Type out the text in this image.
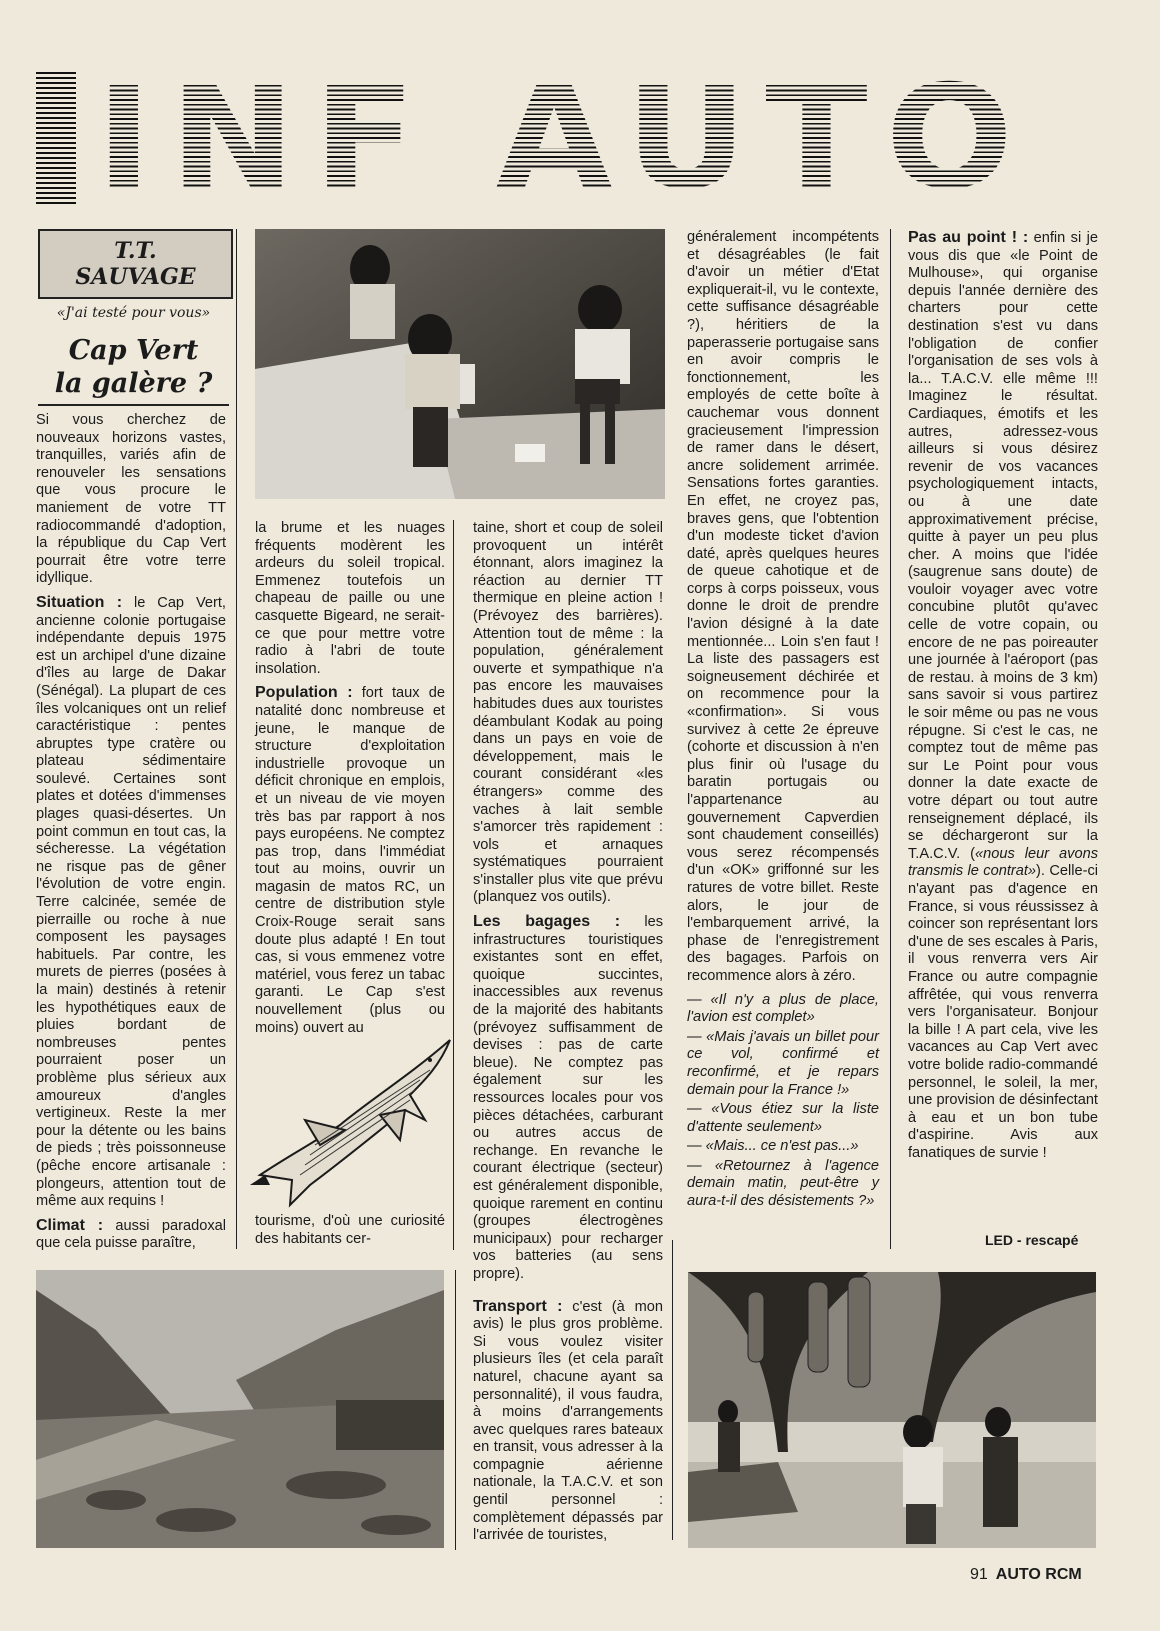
INF AUTO
T.T.
SAUVAGE
«J'ai testé pour vous»
Cap Vert
la galère ?

Si vous cherchez de nouveaux horizons vastes, tranquilles, variés afin de renouveler les sensations que vous procure le maniement de votre TT radiocommandé d'adoption, la république du Cap Vert pourrait être votre terre idyllique.

Situation : le Cap Vert, ancienne colonie portugaise indépendante depuis 1975 est un archipel d'une dizaine d'îles au large de Dakar (Sénégal). La plupart de ces îles volcaniques ont un relief caractéristique : pentes abruptes type cratère ou plateau sédimentaire soulevé. Certaines sont plates et dotées d'immenses plages quasi-désertes. Un point commun en tout cas, la sécheresse. La végétation ne risque pas de gêner l'évolution de votre engin. Terre calcinée, semée de pierraille ou roche à nue composent les paysages habituels. Par contre, les murets de pierres (posées à la main) destinés à retenir les hypothétiques eaux de pluies bordant de nombreuses pentes pourraient poser un problème plus sérieux aux amoureux d'angles vertigineux. Reste la mer pour la détente ou les bains de pieds ; très poissonneuse (pêche encore artisanale : plongeurs, attention tout de même aux requins !

Climat : aussi paradoxal que cela puisse paraître,

la brume et les nuages fréquents modèrent les ardeurs du soleil tropical. Emmenez toutefois un chapeau de paille ou une casquette Bigeard, ne serait-ce que pour mettre votre radio à l'abri de toute insolation.

Population : fort taux de natalité donc nombreuse et jeune, le manque de structure d'exploitation industrielle provoque un déficit chronique en emplois, et un niveau de vie moyen très bas par rapport à nos pays européens. Ne comptez pas trop, dans l'immédiat tout au moins, ouvrir un magasin de matos RC, un centre de distribution style Croix-Rouge serait sans doute plus adapté ! En tout cas, si vous emmenez votre matériel, vous ferez un tabac garanti. Le Cap s'est nouvellement (plus ou moins) ouvert au

tourisme, d'où une curiosité des habitants cer-

taine, short et coup de soleil provoquent un intérêt étonnant, alors imaginez la réaction au dernier TT thermique en pleine action ! (Prévoyez des barrières). Attention tout de même : la population, généralement ouverte et sympathique n'a pas encore les mauvaises habitudes dues aux touristes déambulant Kodak au poing dans un pays en voie de développement, mais le courant considérant «les étrangers» comme des vaches à lait semble s'amorcer très rapidement : vols et arnaques systématiques pourraient s'installer plus vite que prévu (planquez vos outils).

Les bagages : les infrastructures touristiques existantes sont en effet, quoique succintes, inaccessibles aux revenus de la majorité des habitants (prévoyez suffisamment de devises : pas de carte bleue). Ne comptez pas également sur les ressources locales pour vos pièces détachées, carburant ou autres accus de rechange. En revanche le courant électrique (secteur) est généralement disponible, quoique rarement en continu (groupes électrogènes municipaux) pour recharger vos batteries (au sens propre).

Transport : c'est (à mon avis) le plus gros problème. Si vous voulez visiter plusieurs îles (et cela paraît naturel, chacune ayant sa personnalité), il vous faudra, à moins d'arrangements avec quelques rares bateaux en transit, vous adresser à la compagnie aérienne nationale, la T.A.C.V. et son gentil personnel : complètement dépassés par l'arrivée de touristes,

généralement incompétents et désagréables (le fait d'avoir un métier d'Etat expliquerait-il, vu le contexte, cette suffisance désagréable ?), héritiers de la paperasserie portugaise sans en avoir compris le fonctionnement, les employés de cette boîte à cauchemar vous donnent gracieusement l'impression de ramer dans le désert, ancre solidement arrimée. Sensations fortes garanties. En effet, ne croyez pas, braves gens, que l'obtention d'un modeste ticket d'avion daté, après quelques heures de queue cahotique et de corps à corps poisseux, vous donne le droit de prendre l'avion désigné à la date mentionnée... Loin s'en faut ! La liste des passagers est soigneusement déchirée et on recommence pour la «confirmation». Si vous survivez à cette 2e épreuve (cohorte et discussion à n'en plus finir où l'usage du baratin portugais ou l'appartenance au gouvernement Capverdien sont chaudement conseillés) vous serez récompensés d'un «OK» griffonné sur les ratures de votre billet. Reste alors, le jour de l'embarquement arrivé, la phase de l'enregistrement des bagages. Parfois on recommence alors à zéro.

— «Il n'y a plus de place, l'avion est complet»

— «Mais j'avais un billet pour ce vol, confirmé et reconfirmé, et je repars demain pour la France !»

— «Vous étiez sur la liste d'attente seulement»

— «Mais... ce n'est pas...»

— «Retournez à l'agence demain matin, peut-être y aura-t-il des désistements ?»

Pas au point ! : enfin si je vous dis que «le Point de Mulhouse», qui organise depuis l'année dernière des charters pour cette destination s'est vu dans l'obligation de confier l'organisation de ses vols à la... T.A.C.V. elle même !!! Imaginez le résultat. Cardiaques, émotifs et les autres, adressez-vous ailleurs si vous désirez revenir de vos vacances psychologiquement intacts, ou à une date approximativement précise, quitte à payer un peu plus cher. A moins que l'idée (saugrenue sans doute) de vouloir voyager avec votre concubine plutôt qu'avec celle de votre copain, ou encore de ne pas poireauter une journée à l'aéroport (pas de restau. à moins de 3 km) sans savoir si vous partirez le soir même ou pas ne vous répugne. Si c'est le cas, ne comptez tout de même pas sur Le Point pour vous donner la date exacte de votre départ ou tout autre renseignement déplacé, ils se déchargeront sur la T.A.C.V. («nous leur avons transmis le contrat»). Celle-ci n'ayant pas d'agence en France, si vous réussissez à coincer son représentant lors d'une de ses escales à Paris, il vous renverra vers Air France ou autre compagnie affrêtée, qui vous renverra vers l'organisateur. Bonjour la bille ! A part cela, vive les vacances au Cap Vert avec votre bolide radio-commandé personnel, le soleil, la mer, une provision de désinfectant à eau et un bon tube d'aspirine. Avis aux fanatiques de survie !

LED - rescapé
91 AUTO RCM
